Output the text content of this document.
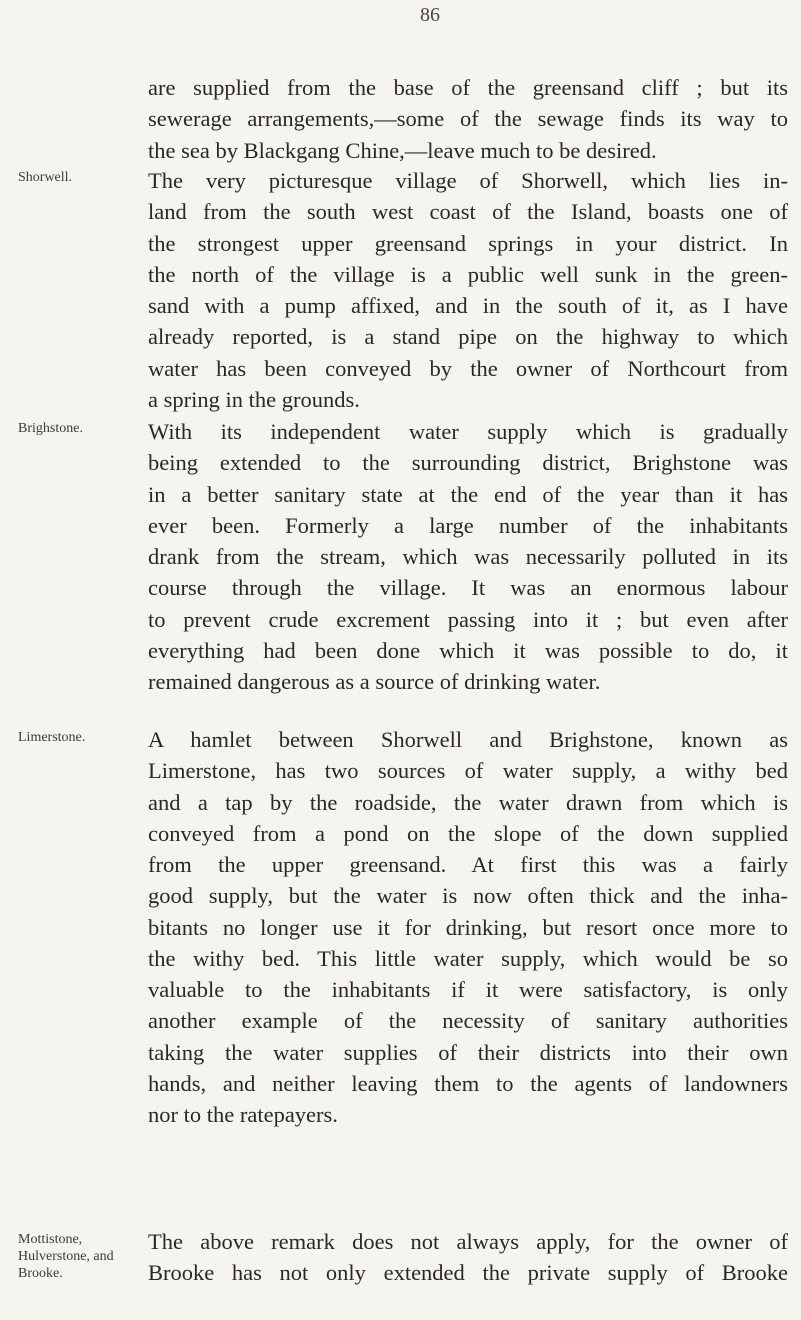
86
Shorwell.
Brighstone.
Limerstone.
Mottistone, Hulverstone, and Brooke.
are supplied from the base of the greensand cliff ; but its
sewerage arrangements,—some of the sewage finds its way to
the sea by Blackgang Chine,—leave much to be desired.
The very picturesque village of Shorwell, which lies in-
land from the south west coast of the Island, boasts one of
the strongest upper greensand springs in your district. In
the north of the village is a public well sunk in the green-
sand with a pump affixed, and in the south of it, as I have
already reported, is a stand pipe on the highway to which
water has been conveyed by the owner of Northcourt from
a spring in the grounds.
With its independent water supply which is gradually
being extended to the surrounding district, Brighstone was
in a better sanitary state at the end of the year than it has
ever been. Formerly a large number of the inhabitants
drank from the stream, which was necessarily polluted in its
course through the village. It was an enormous labour
to prevent crude excrement passing into it ; but even after
everything had been done which it was possible to do, it
remained dangerous as a source of drinking water.
A hamlet between Shorwell and Brighstone, known as
Limerstone, has two sources of water supply, a withy bed
and a tap by the roadside, the water drawn from which is
conveyed from a pond on the slope of the down supplied
from the upper greensand. At first this was a fairly
good supply, but the water is now often thick and the inha-
bitants no longer use it for drinking, but resort once more to
the withy bed. This little water supply, which would be so
valuable to the inhabitants if it were satisfactory, is only
another example of the necessity of sanitary authorities
taking the water supplies of their districts into their own
hands, and neither leaving them to the agents of landowners
nor to the ratepayers.
The above remark does not always apply, for the owner of
Brooke has not only extended the private supply of Brooke
